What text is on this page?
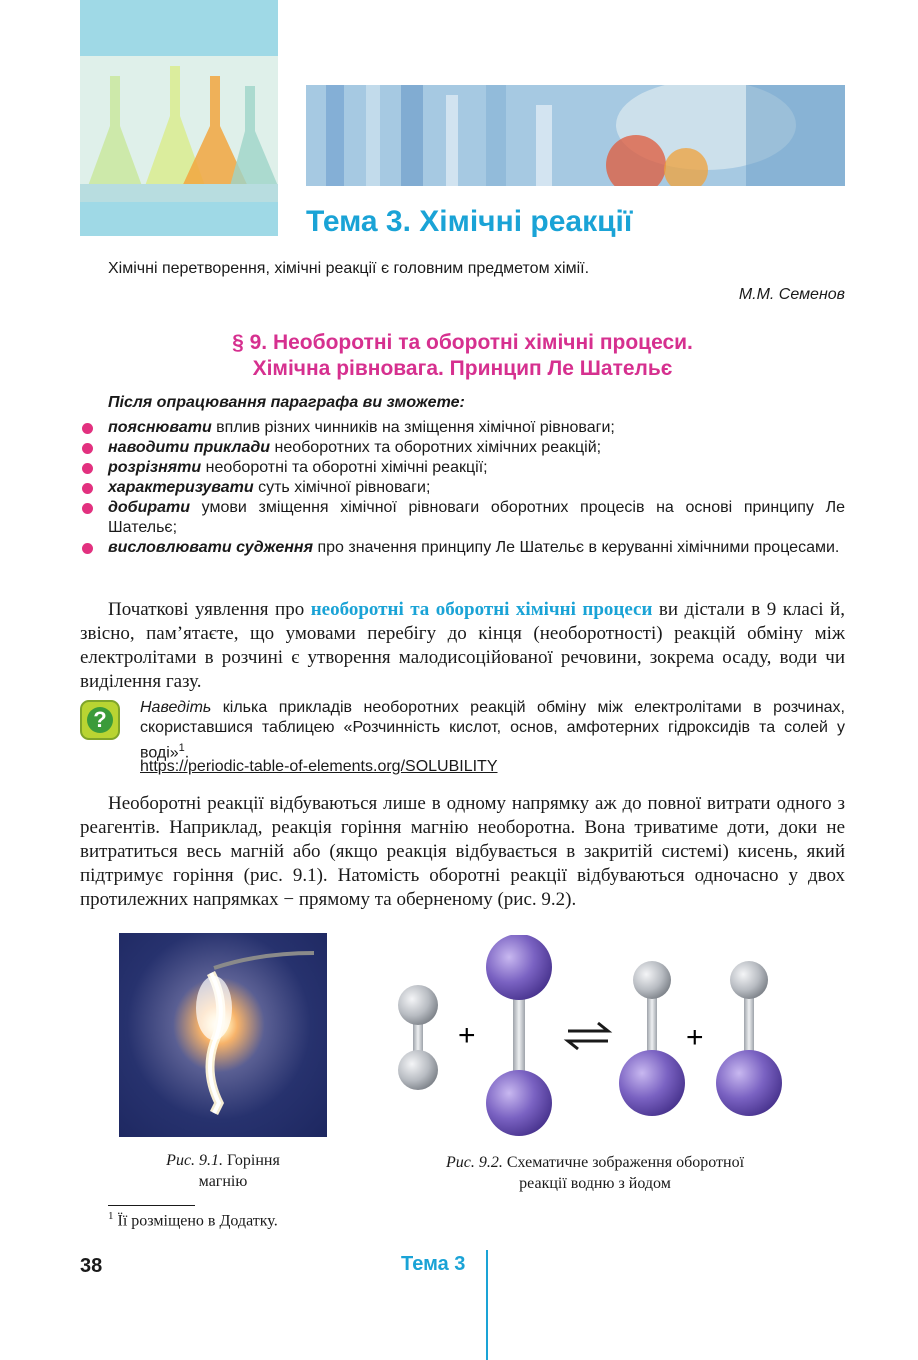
Тема 3. Хімічні реакції
Хімічні перетворення, хімічні реакції є головним предметом хімії.
М.М. Семенов
§ 9. Необоротні та оборотні хімічні процеси.
Хімічна рівновага. Принцип Ле Шательє
Після опрацювання параграфа ви зможете:
пояснювати вплив різних чинників на зміщення хімічної рівноваги;
наводити приклади необоротних та оборотних хімічних реакцій;
розрізняти необоротні та оборотні хімічні реакції;
характеризувати суть хімічної рівноваги;
добирати умови зміщення хімічної рівноваги оборотних процесів на основі принципу Ле Шательє;
висловлювати судження про значення принципу Ле Шательє в керуванні хімічними процесами.
Початкові уявлення про необоротні та оборотні хімічні процеси ви дістали в 9 класі й, звісно, пам’ятаєте, що умовами перебігу до кінця (необоротності) реакцій обміну між електролітами в розчині є утворення малодисоційованої речовини, зокрема осаду, води чи виділення газу.
?	Наведіть кілька прикладів необоротних реакцій обміну між електролітами в розчинах, скориставшися таблицею «Розчинність кислот, основ, амфотерних гідроксидів та солей у воді»$^1$.
https://periodic-table-of-elements.org/SOLUBILITY
Необоротні реакції відбуваються лише в одному напрямку аж до повної витрати одного з реагентів. Наприклад, реакція горіння магнію необоротна. Вона триватиме доти, доки не витратиться весь магній або (якщо реакція відбувається в закритій системі) кисень, який підтримує горіння (рис. 9.1). Натомість оборотні реакції відбуваються одночасно у двох протилежних напрямках − прямому та оберненому (рис. 9.2).
Рис. 9.1. Горіння
магнію
+	+
Рис. 9.2. Схематичне зображення оборотної
реакції водню з йодом
$^1$ Її розміщено в Додатку.
38	Тема 3
